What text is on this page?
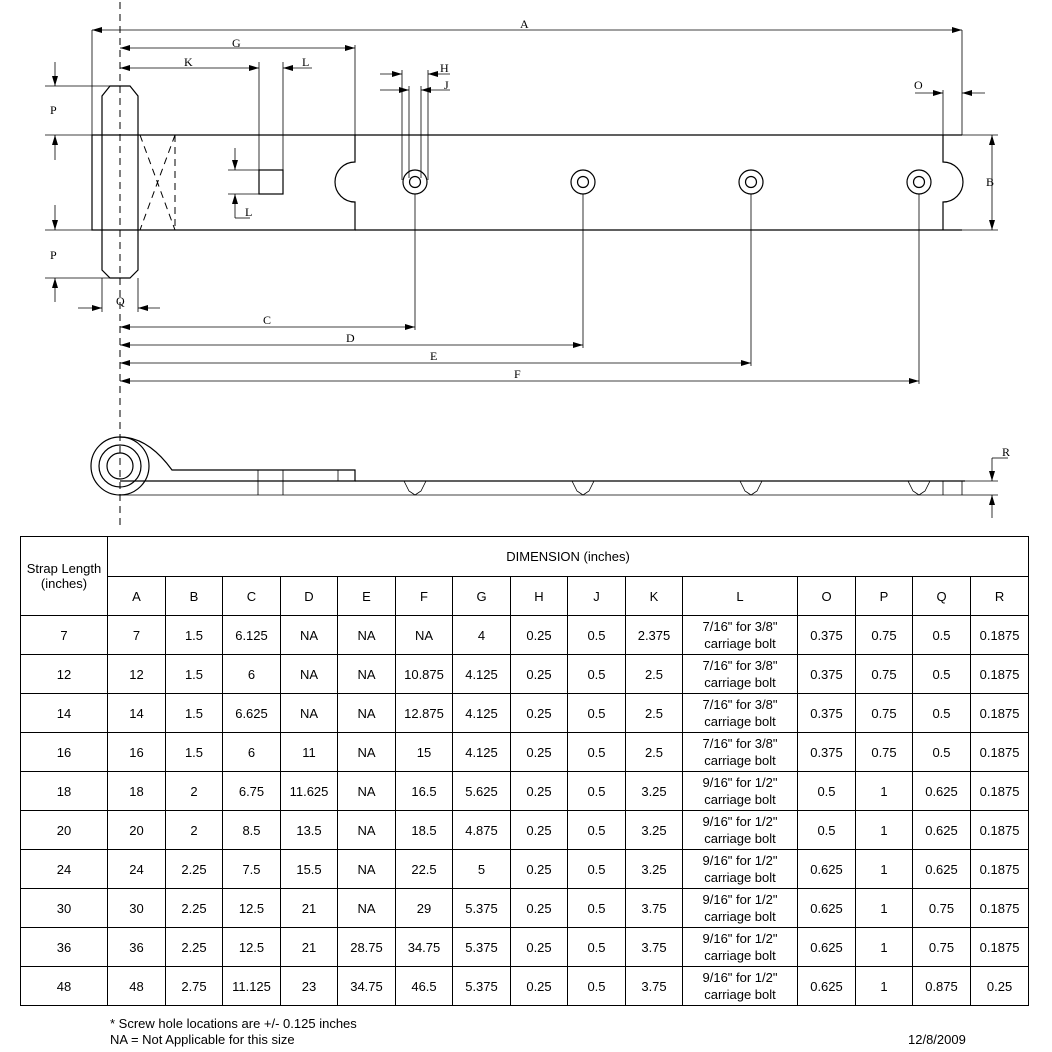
A
G
K	L	H
J	O
P
B
L
P
Q
C
D
E
F
R
Strap Length (inches)	DIMENSION (inches)														
	A	B	C	D	E	F	G	H	J	K	L	O	P	Q	R
7	7	1.5	6.125	NA	NA	NA	4	0.25	0.5	2.375	7/16" for 3/8"
carriage bolt	0.375	0.75	0.5	0.1875
12	12	1.5	6	NA	NA	10.875	4.125	0.25	0.5	2.5	7/16" for 3/8"
carriage bolt	0.375	0.75	0.5	0.1875
14	14	1.5	6.625	NA	NA	12.875	4.125	0.25	0.5	2.5	7/16" for 3/8"
carriage bolt	0.375	0.75	0.5	0.1875
16	16	1.5	6	11	NA	15	4.125	0.25	0.5	2.5	7/16" for 3/8"
carriage bolt	0.375	0.75	0.5	0.1875
18	18	2	6.75	11.625	NA	16.5	5.625	0.25	0.5	3.25	9/16" for 1/2"
carriage bolt	0.5	1	0.625	0.1875
20	20	2	8.5	13.5	NA	18.5	4.875	0.25	0.5	3.25	9/16" for 1/2"
carriage bolt	0.5	1	0.625	0.1875
24	24	2.25	7.5	15.5	NA	22.5	5	0.25	0.5	3.25	9/16" for 1/2"
carriage bolt	0.625	1	0.625	0.1875
30	30	2.25	12.5	21	NA	29	5.375	0.25	0.5	3.75	9/16" for 1/2"
carriage bolt	0.625	1	0.75	0.1875
36	36	2.25	12.5	21	28.75	34.75	5.375	0.25	0.5	3.75	9/16" for 1/2"
carriage bolt	0.625	1	0.75	0.1875
48	48	2.75	11.125	23	34.75	46.5	5.375	0.25	0.5	3.75	9/16" for 1/2"
carriage bolt	0.625	1	0.875	0.25
* Screw hole locations are +/- 0.125 inches
NA = Not Applicable for this size	12/8/2009
